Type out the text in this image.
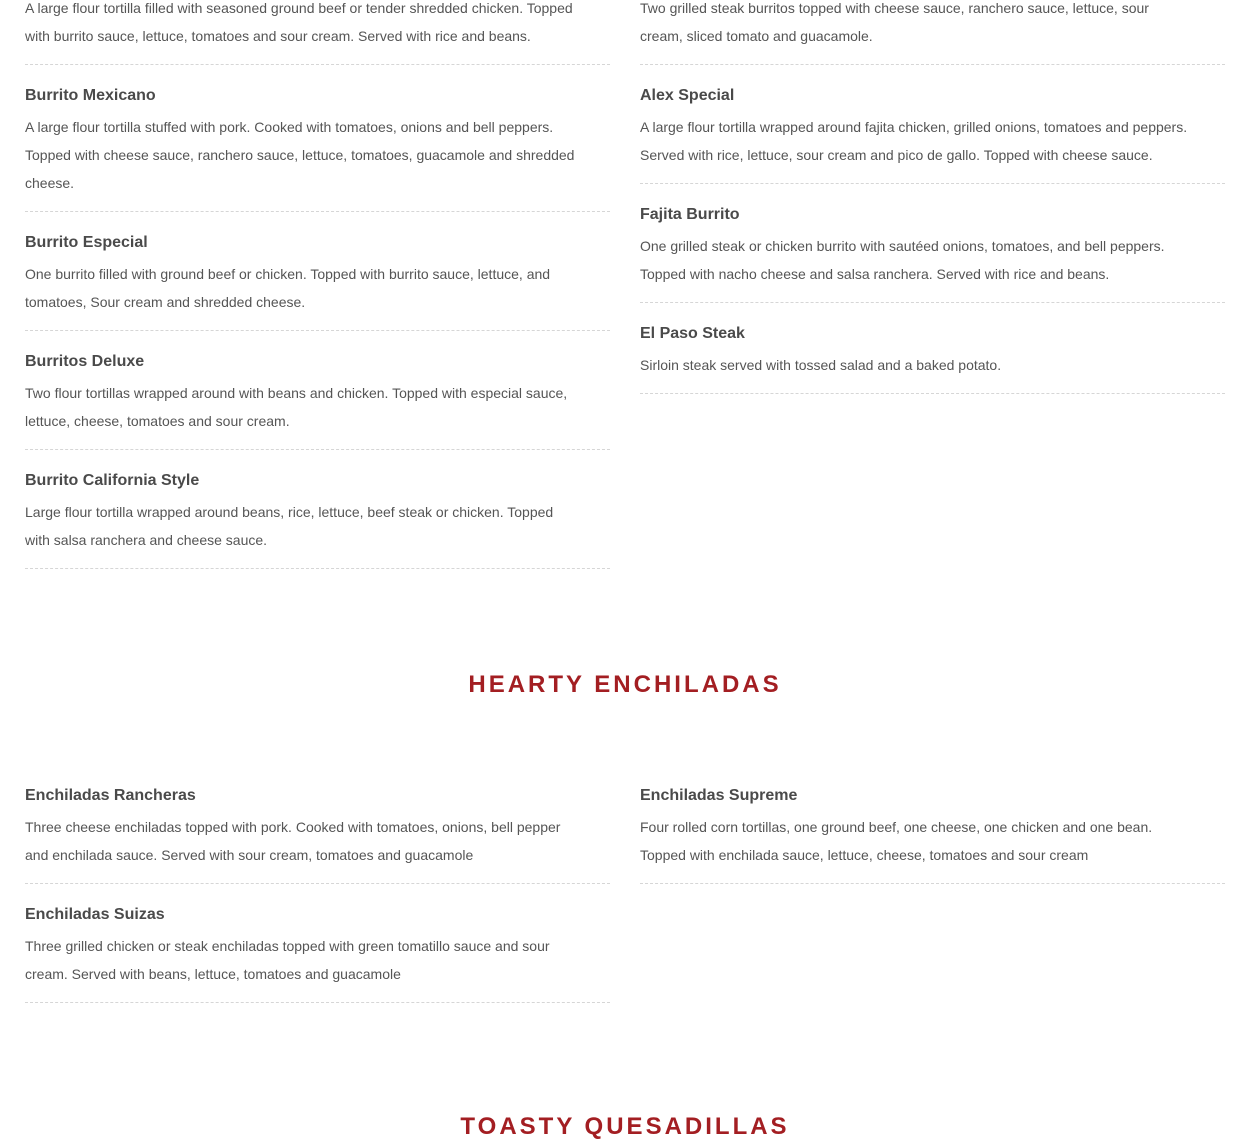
A large flour tortilla filled with seasoned ground beef or tender shredded chicken. Topped with burrito sauce, lettuce, tomatoes and sour cream. Served with rice and beans.

Burrito Mexicano

A large flour tortilla stuffed with pork. Cooked with tomatoes, onions and bell peppers. Topped with cheese sauce, ranchero sauce, lettuce, tomatoes, guacamole and shredded cheese.

Burrito Especial

One burrito filled with ground beef or chicken. Topped with burrito sauce, lettuce, and tomatoes, Sour cream and shredded cheese.

Burritos Deluxe

Two flour tortillas wrapped around with beans and chicken. Topped with especial sauce, lettuce, cheese, tomatoes and sour cream.

Burrito California Style

Large flour tortilla wrapped around beans, rice, lettuce, beef steak or chicken. Topped with salsa ranchera and cheese sauce.

Two grilled steak burritos topped with cheese sauce, ranchero sauce, lettuce, sour cream, sliced tomato and guacamole.

Alex Special

A large flour tortilla wrapped around fajita chicken, grilled onions, tomatoes and peppers. Served with rice, lettuce, sour cream and pico de gallo. Topped with cheese sauce.

Fajita Burrito

One grilled steak or chicken burrito with sautéed onions, tomatoes, and bell peppers. Topped with nacho cheese and salsa ranchera. Served with rice and beans.

El Paso Steak

Sirloin steak served with tossed salad and a baked potato.

HEARTY ENCHILADAS
Enchiladas Rancheras

Three cheese enchiladas topped with pork. Cooked with tomatoes, onions, bell pepper and enchilada sauce. Served with sour cream, tomatoes and guacamole

Enchiladas Suizas

Three grilled chicken or steak enchiladas topped with green tomatillo sauce and sour cream. Served with beans, lettuce, tomatoes and guacamole

Enchiladas Supreme

Four rolled corn tortillas, one ground beef, one cheese, one chicken and one bean. Topped with enchilada sauce, lettuce, cheese, tomatoes and sour cream

TOASTY QUESADILLAS
